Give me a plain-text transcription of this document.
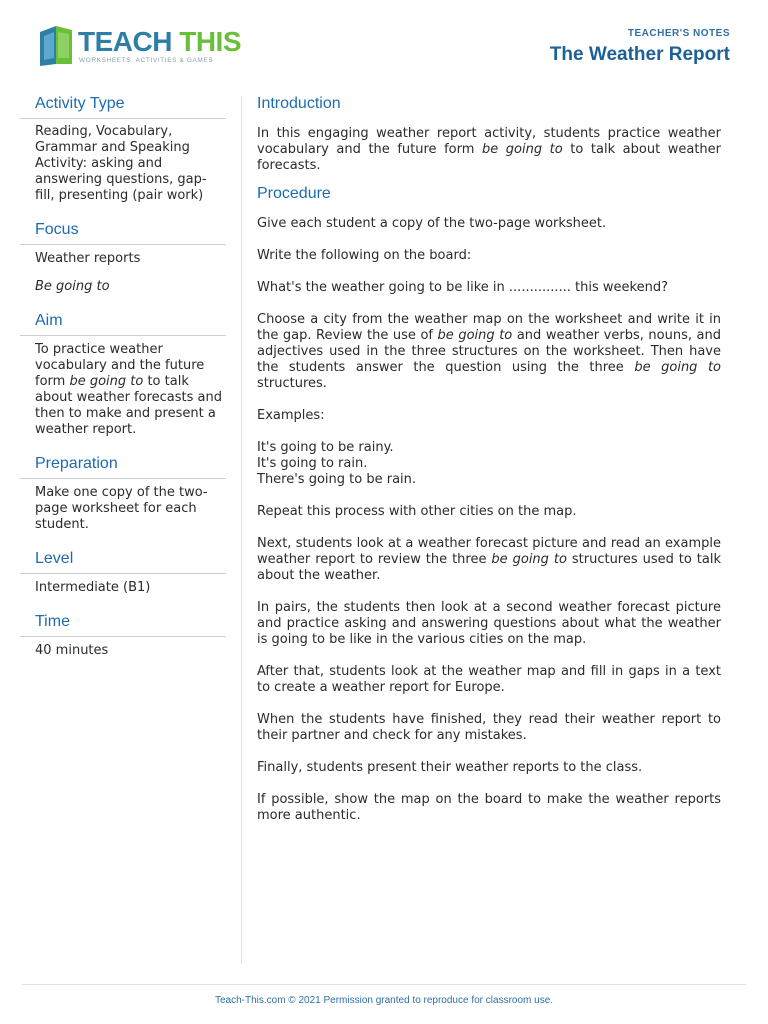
TEACH THIS
WORKSHEETS, ACTIVITIES & GAMES
TEACHER'S NOTES
The Weather Report
Activity Type

Reading, Vocabulary, Grammar and Speaking Activity: asking and answering questions, gap-fill, presenting (pair work)

Focus

Weather reports

Be going to

Aim

To practice weather vocabulary and the future form be going to to talk about weather forecasts and then to make and present a weather report.

Preparation

Make one copy of the two-page worksheet for each student.

Level

Intermediate (B1)

Time

40 minutes

Introduction

In this engaging weather report activity, students practice weather vocabulary and the future form be going to to talk about weather forecasts.

Procedure

Give each student a copy of the two-page worksheet.

Write the following on the board:

What's the weather going to be like in ............... this weekend?

Choose a city from the weather map on the worksheet and write it in the gap. Review the use of be going to and weather verbs, nouns, and adjectives used in the three structures on the worksheet. Then have the students answer the question using the three be going to structures.

Examples:

It's going to be rainy.

It's going to rain.

There's going to be rain.

Repeat this process with other cities on the map.

Next, students look at a weather forecast picture and read an example weather report to review the three be going to structures used to talk about the weather.

In pairs, the students then look at a second weather forecast picture and practice asking and answering questions about what the weather is going to be like in the various cities on the map.

After that, students look at the weather map and fill in gaps in a text to create a weather report for Europe.

When the students have finished, they read their weather report to their partner and check for any mistakes.

Finally, students present their weather reports to the class.

If possible, show the map on the board to make the weather reports more authentic.

Teach-This.com © 2021 Permission granted to reproduce for classroom use.
